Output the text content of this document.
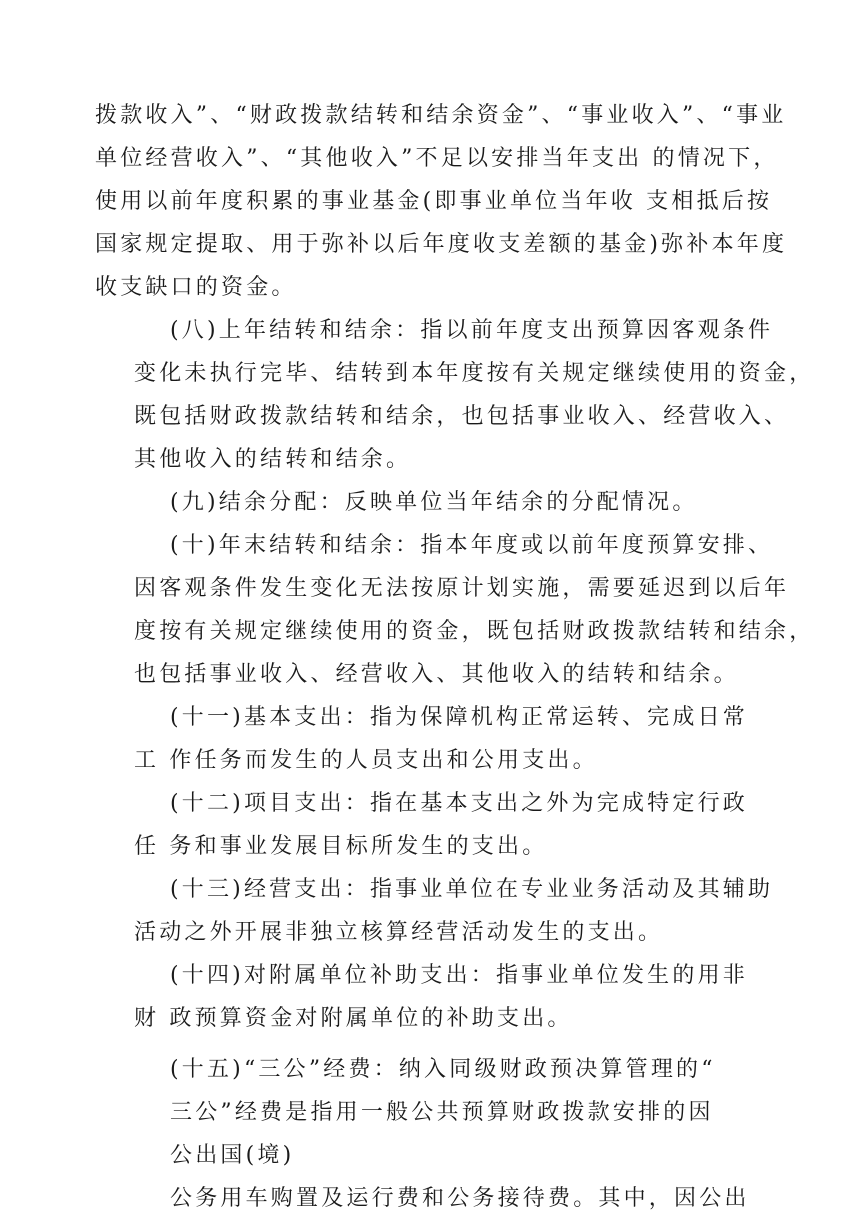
拨款收入”、“财政拨款结转和结余资金”、“事业收入”、“事业
单位经营收入”、“其他收入”不足以安排当年支出 的情况下，
使用以前年度积累的事业基金(即事业单位当年收 支相抵后按
国家规定提取、用于弥补以后年度收支差额的基金)弥补本年度
收支缺口的资金。
(八)上年结转和结余：指以前年度支出预算因客观条件
变化未执行完毕、结转到本年度按有关规定继续使用的资金，
既包括财政拨款结转和结余，也包括事业收入、经营收入、
其他收入的结转和结余。
(九)结余分配：反映单位当年结余的分配情况。
(十)年末结转和结余：指本年度或以前年度预算安排、
因客观条件发生变化无法按原计划实施，需要延迟到以后年
度按有关规定继续使用的资金，既包括财政拨款结转和结余，
也包括事业收入、经营收入、其他收入的结转和结余。
(十一)基本支出：指为保障机构正常运转、完成日常
工 作任务而发生的人员支出和公用支出。
(十二)项目支出：指在基本支出之外为完成特定行政
任 务和事业发展目标所发生的支出。
(十三)经营支出：指事业单位在专业业务活动及其辅助
活动之外开展非独立核算经营活动发生的支出。
(十四)对附属单位补助支出：指事业单位发生的用非
财 政预算资金对附属单位的补助支出。
(十五)“三公”经费：纳入同级财政预决算管理的“
三公”经费是指用一般公共预算财政拨款安排的因
公出国(境)
公务用车购置及运行费和公务接待费。其中，因公出
